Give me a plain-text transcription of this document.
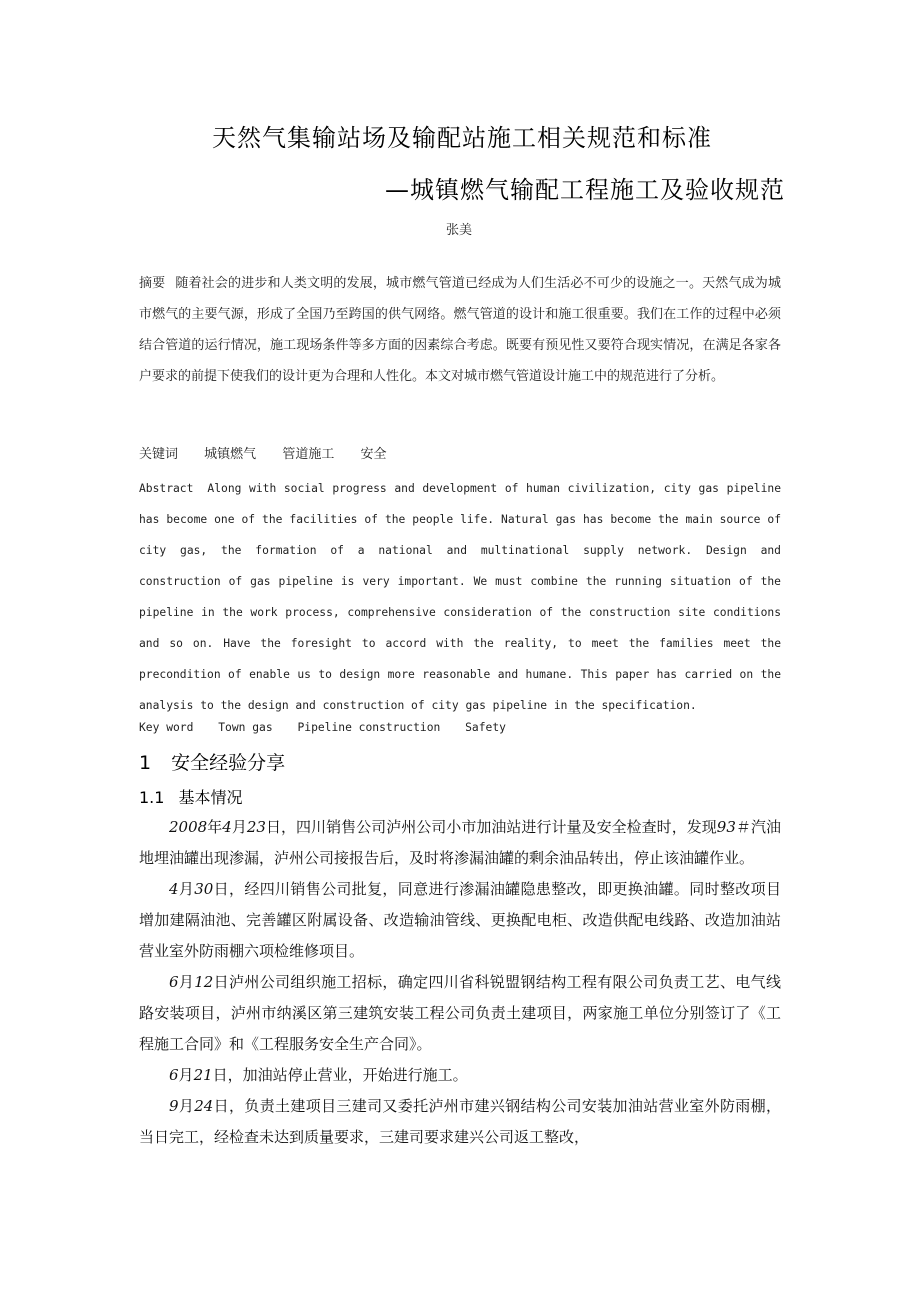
天然气集输站场及输配站施工相关规范和标准
—城镇燃气输配工程施工及验收规范
张美
摘要 随着社会的进步和人类文明的发展，城市燃气管道已经成为人们生活必不可少的设施之一。天然气成为城市燃气的主要气源，形成了全国乃至跨国的供气网络。燃气管道的设计和施工很重要。我们在工作的过程中必须结合管道的运行情况，施工现场条件等多方面的因素综合考虑。既要有预见性又要符合现实情况，在满足各家各户要求的前提下使我们的设计更为合理和人性化。本文对城市燃气管道设计施工中的规范进行了分析。
关键词 城镇燃气 管道施工 安全
Abstract Along with social progress and development of human civilization, city gas pipeline has become one of the facilities of the people life. Natural gas has become the main source of city gas, the formation of a national and multinational supply network. Design and construction of gas pipeline is very important. We must combine the running situation of the pipeline in the work process, comprehensive consideration of the construction site conditions and so on. Have the foresight to accord with the reality, to meet the families meet the precondition of enable us to design more reasonable and humane. This paper has carried on the analysis to the design and construction of city gas pipeline in the specification.
Key word Town gas Pipeline construction Safety
1 安全经验分享
1.1 基本情况

2008年4月23日，四川销售公司泸州公司小市加油站进行计量及安全检查时，发现93＃汽油地埋油罐出现渗漏，泸州公司接报告后，及时将渗漏油罐的剩余油品转出，停止该油罐作业。

4月30日，经四川销售公司批复，同意进行渗漏油罐隐患整改，即更换油罐。同时整改项目增加建隔油池、完善罐区附属设备、改造输油管线、更换配电柜、改造供配电线路、改造加油站营业室外防雨棚六项检维修项目。

6月12日泸州公司组织施工招标，确定四川省科锐盟钢结构工程有限公司负责工艺、电气线路安装项目，泸州市纳溪区第三建筑安装工程公司负责土建项目，两家施工单位分别签订了《工程施工合同》和《工程服务安全生产合同》。

6月21日，加油站停止营业，开始进行施工。

9月24日，负责土建项目三建司又委托泸州市建兴钢结构公司安装加油站营业室外防雨棚，当日完工，经检查未达到质量要求，三建司要求建兴公司返工整改，
